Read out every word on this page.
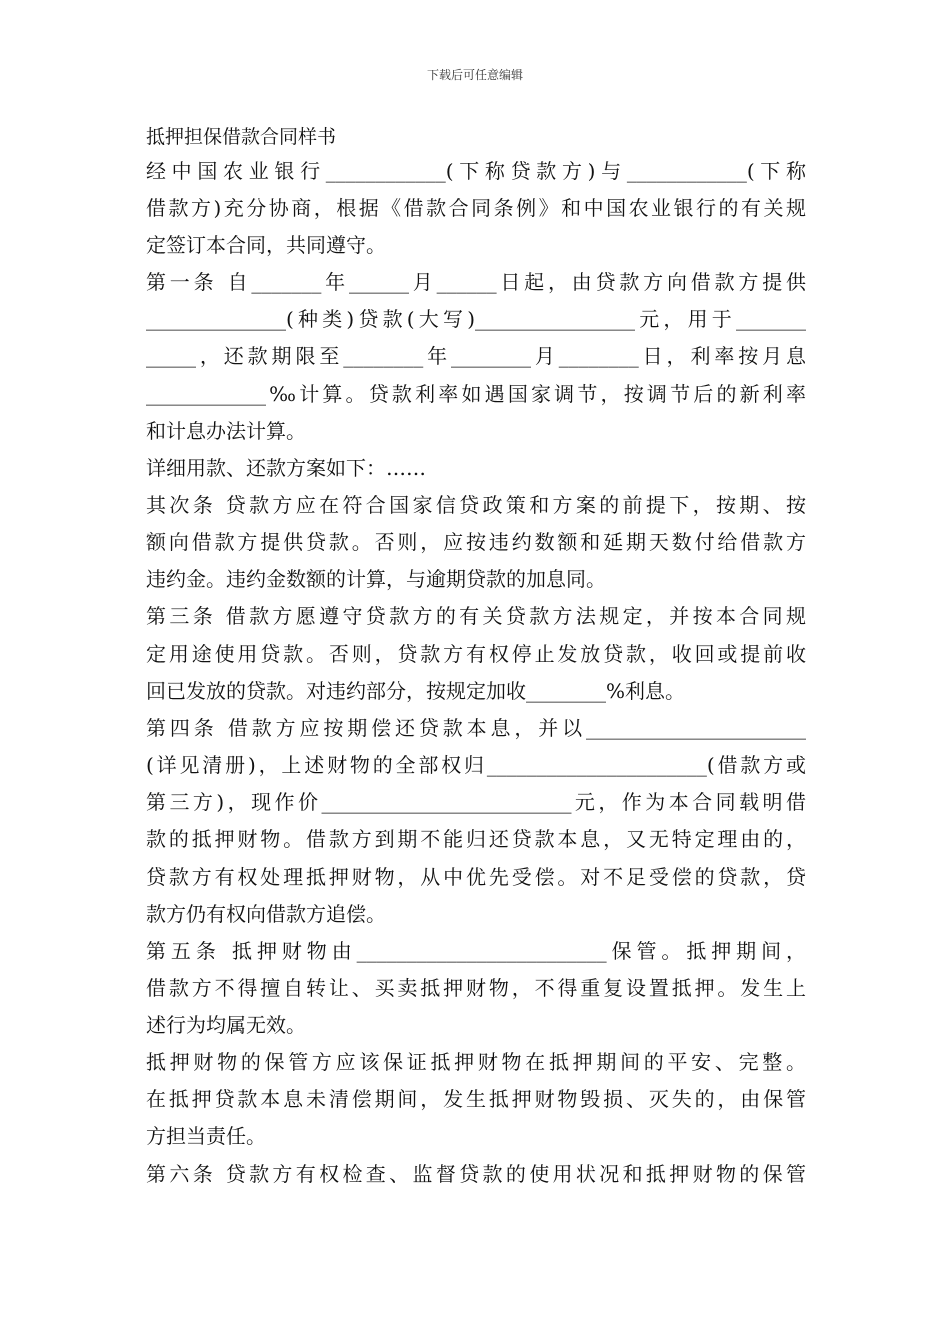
下载后可任意编辑
抵押担保借款合同样书
经中国农业银行____________(下称贷款方)与____________(下称
借款方)充分协商，根据《借款合同条例》和中国农业银行的有关规
定签订本合同，共同遵守。
第一条 自_______年______月______日起，由贷款方向借款方提供
______________(种类)贷款(大写)________________元，用于_______
_____，还款期限至________年________月________日，利率按月息
____________‰计算。贷款利率如遇国家调节，按调节后的新利率
和计息办法计算。
详细用款、还款方案如下：……
其次条 贷款方应在符合国家信贷政策和方案的前提下，按期、按
额向借款方提供贷款。否则，应按违约数额和延期天数付给借款方
违约金。违约金数额的计算，与逾期贷款的加息同。
第三条 借款方愿遵守贷款方的有关贷款方法规定，并按本合同规
定用途使用贷款。否则，贷款方有权停止发放贷款，收回或提前收
回已发放的贷款。对违约部分，按规定加收________%利息。
第四条 借款方应按期偿还贷款本息，并以______________________
(详见清册)，上述财物的全部权归______________________(借款方或
第三方)，现作价_________________________元，作为本合同载明借
款的抵押财物。借款方到期不能归还贷款本息，又无特定理由的，
贷款方有权处理抵押财物，从中优先受偿。对不足受偿的贷款，贷
款方仍有权向借款方追偿。
第五条 抵押财物由_________________________保管。抵押期间，
借款方不得擅自转让、买卖抵押财物，不得重复设置抵押。发生上
述行为均属无效。
抵押财物的保管方应该保证抵押财物在抵押期间的平安、完整。
在抵押贷款本息未清偿期间，发生抵押财物毁损、灭失的，由保管
方担当责任。
第六条 贷款方有权检查、监督贷款的使用状况和抵押财物的保管
